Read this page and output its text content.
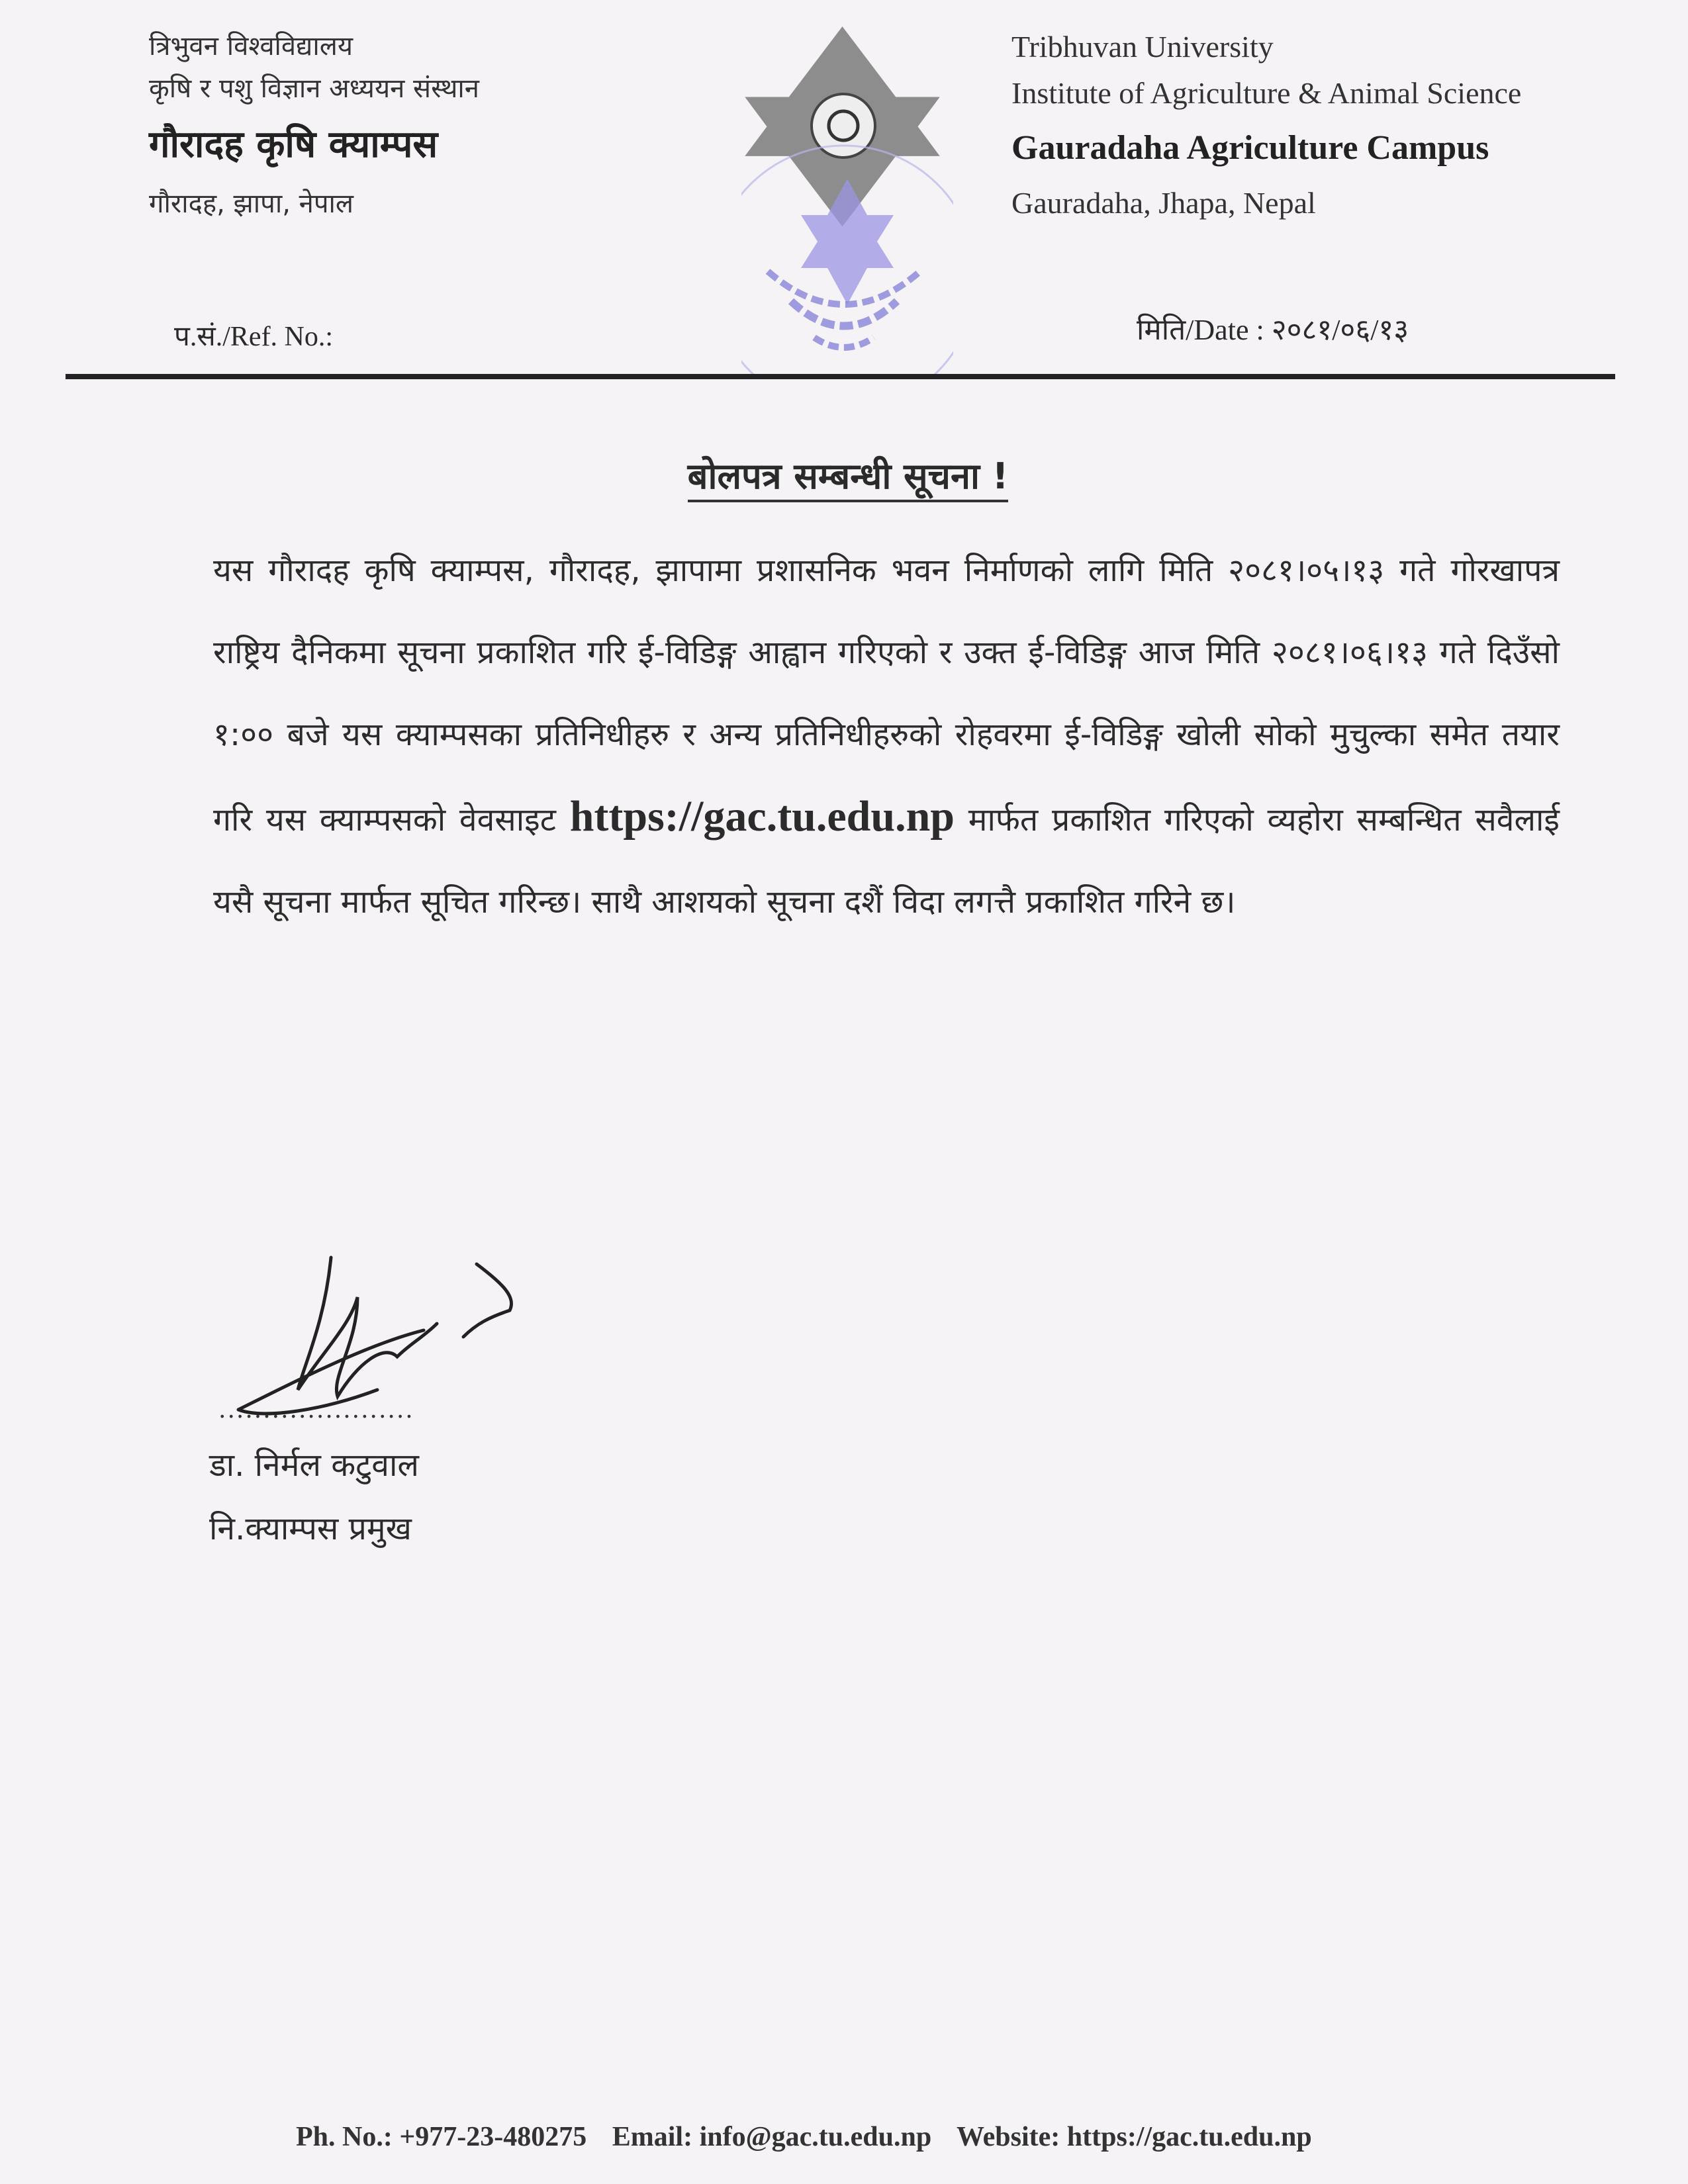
त्रिभुवन विश्वविद्यालय
कृषि र पशु विज्ञान अध्ययन संस्थान
गौरादह कृषि क्याम्पस
गौरादह, झापा, नेपाल
Tribhuvan University
Institute of Agriculture & Animal Science
Gauradaha Agriculture Campus
Gauradaha, Jhapa, Nepal
प.सं./Ref. No.:	मिति/Date : २०८१/०६/१३
बोलपत्र सम्बन्धी सूचना !
यस गौरादह कृषि क्याम्पस, गौरादह, झापामा प्रशासनिक भवन निर्माणको लागि मिति २०८१।०५।१३ गते गोरखापत्र राष्ट्रिय दैनिकमा सूचना प्रकाशित गरि ई-विडिङ्ग आह्वान गरिएको र उक्त ई-विडिङ्ग आज मिति २०८१।०६।१३ गते दिउँसो १:०० बजे यस क्याम्पसका प्रतिनिधीहरु र अन्य प्रतिनिधीहरुको रोहवरमा ई-विडिङ्ग खोली सोको मुचुल्का समेत तयार गरि यस क्याम्पसको वेवसाइट https://gac.tu.edu.np मार्फत प्रकाशित गरिएको व्यहोरा सम्बन्धित सवैलाई यसै सूचना मार्फत सूचित गरिन्छ। साथै आशयको सूचना दशैं विदा लगत्तै प्रकाशित गरिने छ।
......................
डा. निर्मल कटुवाल
नि.क्याम्पस प्रमुख
Ph. No.: +977-23-480275 Email: info@gac.tu.edu.np Website: https://gac.tu.edu.np
